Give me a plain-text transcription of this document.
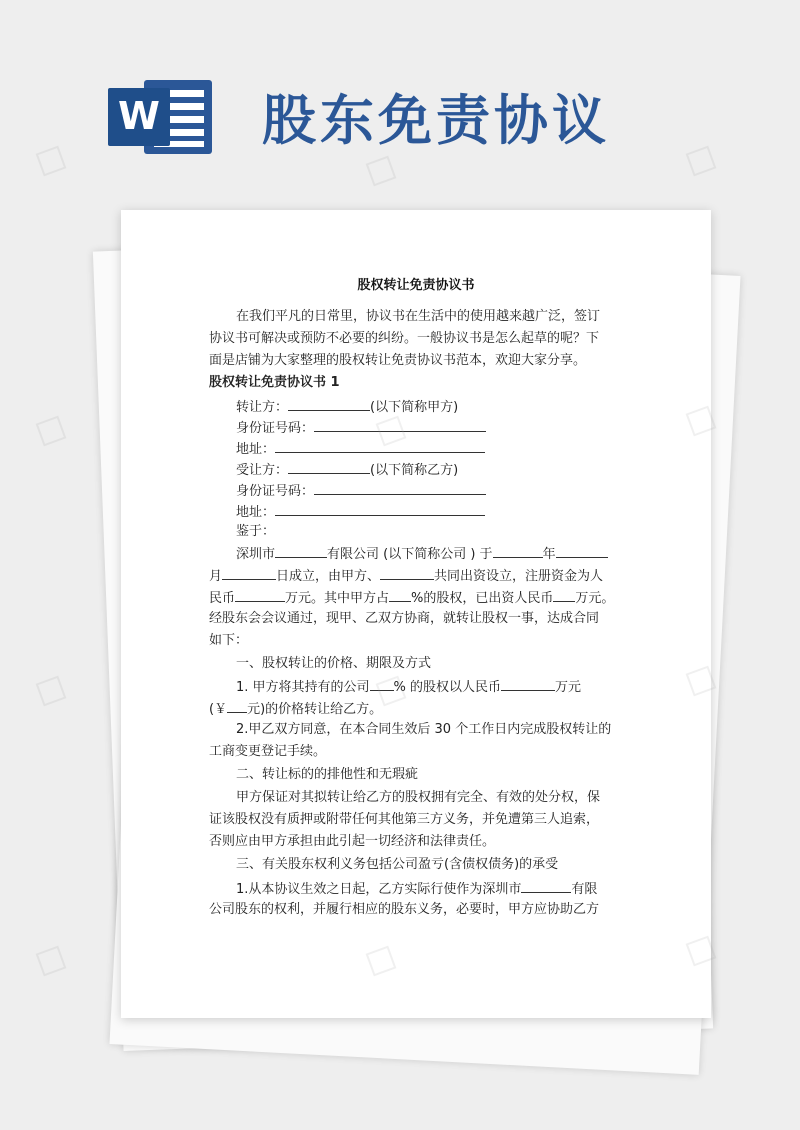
W 股东免责协议
股权转让免责协议书
在我们平凡的日常里，协议书在生活中的使用越来越广泛，签订
协议书可解决或预防不必要的纠纷。一般协议书是怎么起草的呢？下
面是店铺为大家整理的股权转让免责协议书范本，欢迎大家分享。
股权转让免责协议书 1
转让方：	(以下简称甲方)
身份证号码：
地址：
受让方：	(以下简称乙方)
身份证号码：
地址：
鉴于：
深圳市	有限公司 (以下简称公司 ) 于	年
月	日成立，由甲方、	共同出资设立，注册资金为人
民币	万元。其中甲方占 %的股权，已出资人民币 万元。
经股东会会议通过，现甲、乙双方协商，就转让股权一事，达成合同
如下：
一、股权转让的价格、期限及方式
1. 甲方将其持有的公司 % 的股权以人民币	万元
(￥ 元)的价格转让给乙方。
2.甲乙双方同意，在本合同生效后 30 个工作日内完成股权转让的
工商变更登记手续。
二、转让标的的排他性和无瑕疵
甲方保证对其拟转让给乙方的股权拥有完全、有效的处分权，保
证该股权没有质押或附带任何其他第三方义务，并免遭第三人追索，
否则应由甲方承担由此引起一切经济和法律责任。
三、有关股东权利义务包括公司盈亏(含债权债务)的承受
1.从本协议生效之日起，乙方实际行使作为深圳市	有限
公司股东的权利，并履行相应的股东义务，必要时，甲方应协助乙方
